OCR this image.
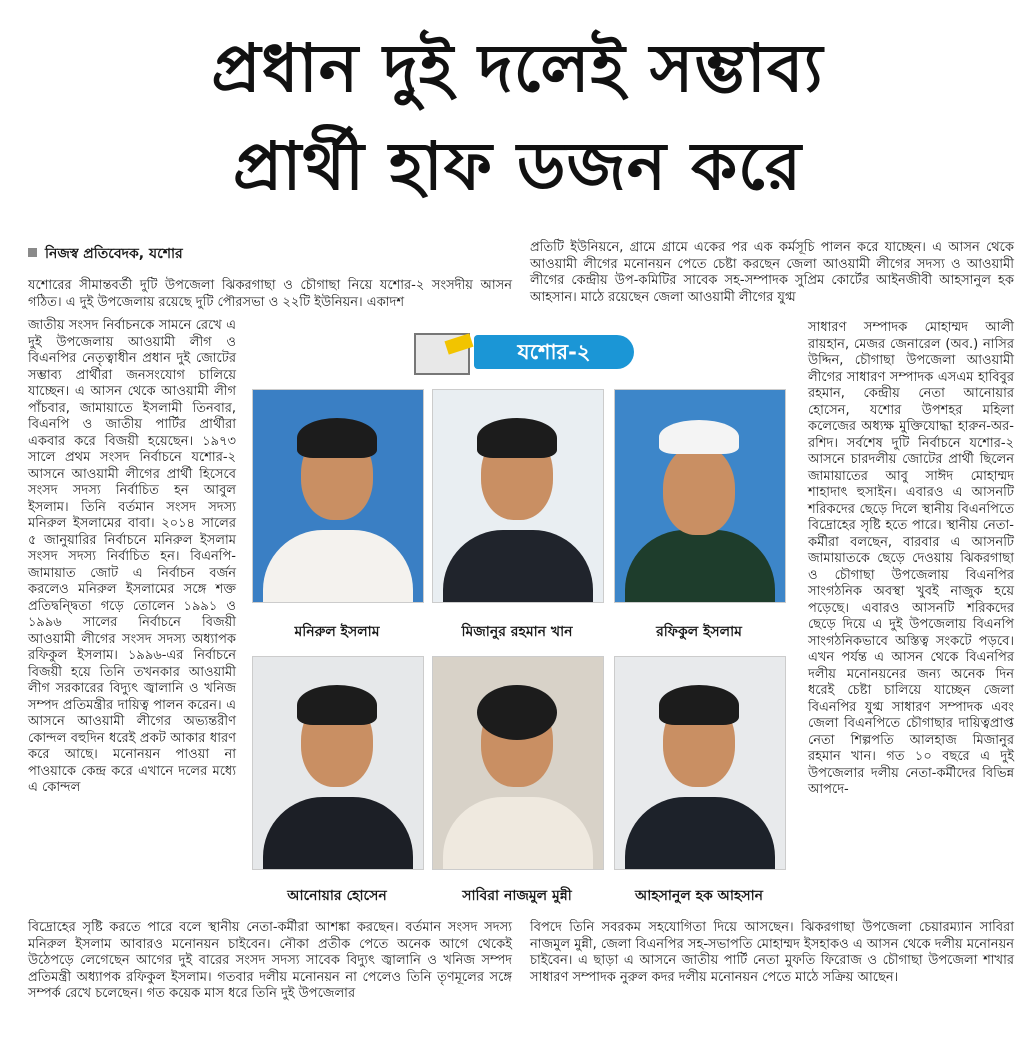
প্রধান দুই দলেই সম্ভাব্য
প্রার্থী হাফ ডজন করে
নিজস্ব প্রতিবেদক, যশোর	প্রতিটি ইউনিয়নে, গ্রামে গ্রামে একের পর এক কর্মসূচি পালন করে যাচ্ছেন। এ আসন থেকে আওয়ামী লীগের মনোনয়ন পেতে চেষ্টা করছেন জেলা আওয়ামী লীগের সদস্য ও আওয়ামী লীগের কেন্দ্রীয় উপ-কমিটির সাবেক সহ-সম্পাদক সুপ্রিম কোর্টের আইনজীবী আহসানুল হক আহসান। মাঠে রয়েছেন জেলা আওয়ামী লীগের যুগ্ম
যশোরের সীমান্তবর্তী দুটি উপজেলা ঝিকরগাছা ও চৌগাছা নিয়ে যশোর-২ সংসদীয় আসন গঠিত। এ দুই উপজেলায় রয়েছে দুটি পৌরসভা ও ২২টি ইউনিয়ন। একাদশ
যশোর-২
জাতীয় সংসদ নির্বাচনকে সামনে রেখে এ দুই উপজেলায় আওয়ামী লীগ ও বিএনপির নেতৃত্বাধীন প্রধান দুই জোটের সম্ভাব্য প্রার্থীরা জনসংযোগ চালিয়ে যাচ্ছেন। এ আসন থেকে আওয়ামী লীগ পাঁচবার, জামায়াতে ইসলামী তিনবার, বিএনপি ও জাতীয় পার্টির প্রার্থীরা একবার করে বিজয়ী হয়েছেন। ১৯৭৩ সালে প্রথম সংসদ নির্বাচনে যশোর-২ আসনে আওয়ামী লীগের প্রার্থী হিসেবে সংসদ সদস্য নির্বাচিত হন আবুল ইসলাম। তিনি বর্তমান সংসদ সদস্য মনিরুল ইসলামের বাবা। ২০১৪ সালের ৫ জানুয়ারির নির্বাচনে মনিরুল ইসলাম সংসদ সদস্য নির্বাচিত হন। বিএনপি-জামায়াত জোট এ নির্বাচন বর্জন করলেও মনিরুল ইসলামের সঙ্গে শক্ত প্রতিদ্বন্দ্বিতা গড়ে তোলেন ১৯৯১ ও ১৯৯৬ সালের নির্বাচনে বিজয়ী আওয়ামী লীগের সংসদ সদস্য অধ্যাপক রফিকুল ইসলাম। ১৯৯৬-এর নির্বাচনে বিজয়ী হয়ে তিনি তখনকার আওয়ামী লীগ সরকারের বিদ্যুৎ জ্বালানি ও খনিজ সম্পদ প্রতিমন্ত্রীর দায়িত্ব পালন করেন। এ আসনে আওয়ামী লীগের অভ্যন্তরীণ কোন্দল বহুদিন ধরেই প্রকট আকার ধারণ করে আছে। মনোনয়ন পাওয়া না পাওয়াকে কেন্দ্র করে এখানে দলের মধ্যে এ কোন্দল
সাধারণ সম্পাদক মোহাম্মদ আলী রায়হান, মেজর জেনারেল (অব.) নাসির উদ্দিন, চৌগাছা উপজেলা আওয়ামী লীগের সাধারণ সম্পাদক এসএম হাবিবুর রহমান, কেন্দ্রীয় নেতা আনোয়ার হোসেন, যশোর উপশহর মহিলা কলেজের অধ্যক্ষ মুক্তিযোদ্ধা হারুন-অর-রশিদ। সর্বশেষ দুটি নির্বাচনে যশোর-২ আসনে চারদলীয় জোটের প্রার্থী ছিলেন জামায়াতের আবু সাঈদ মোহাম্মদ শাহাদাৎ হুসাইন। এবারও এ আসনটি শরিকদের ছেড়ে দিলে স্থানীয় বিএনপিতে বিদ্রোহের সৃষ্টি হতে পারে। স্থানীয় নেতা-কর্মীরা বলছেন, বারবার এ আসনটি জামায়াতকে ছেড়ে দেওয়ায় ঝিকরগাছা ও চৌগাছা উপজেলায় বিএনপির সাংগঠনিক অবস্থা খুবই নাজুক হয়ে পড়েছে। এবারও আসনটি শরিকদের ছেড়ে দিয়ে এ দুই উপজেলায় বিএনপি সাংগঠনিকভাবে অস্তিত্ব সংকটে পড়বে। এখন পর্যন্ত এ আসন থেকে বিএনপির দলীয় মনোনয়নের জন্য অনেক দিন ধরেই চেষ্টা চালিয়ে যাচ্ছেন জেলা বিএনপির যুগ্ম সাধারণ সম্পাদক এবং জেলা বিএনপিতে চৌগাছার দায়িত্বপ্রাপ্ত নেতা শিল্পপতি আলহাজ মিজানুর রহমান খান। গত ১০ বছরে এ দুই উপজেলার দলীয় নেতা-কর্মীদের বিভিন্ন আপদে-
মনিরুল ইসলাম	মিজানুর রহমান খান	রফিকুল ইসলাম
আনোয়ার হোসেন	সাবিরা নাজমুল মুন্নী	আহসানুল হক আহসান
বিদ্রোহের সৃষ্টি করতে পারে বলে স্থানীয় নেতা-কর্মীরা আশঙ্কা করছেন। বর্তমান সংসদ সদস্য মনিরুল ইসলাম আবারও মনোনয়ন চাইবেন। নৌকা প্রতীক পেতে অনেক আগে থেকেই উঠেপড়ে লেগেছেন আগের দুই বারের সংসদ সদস্য সাবেক বিদ্যুৎ জ্বালানি ও খনিজ সম্পদ প্রতিমন্ত্রী অধ্যাপক রফিকুল ইসলাম। গতবার দলীয় মনোনয়ন না পেলেও তিনি তৃণমূলের সঙ্গে সম্পর্ক রেখে চলেছেন। গত কয়েক মাস ধরে তিনি দুই উপজেলার
বিপদে তিনি সবরকম সহযোগিতা দিয়ে আসছেন। ঝিকরগাছা উপজেলা চেয়ারম্যান সাবিরা নাজমুল মুন্নী, জেলা বিএনপির সহ-সভাপতি মোহাম্মদ ইসহাকও এ আসন থেকে দলীয় মনোনয়ন চাইবেন। এ ছাড়া এ আসনে জাতীয় পার্টি নেতা মুফতি ফিরোজ ও চৌগাছা উপজেলা শাখার সাধারণ সম্পাদক নুরুল কদর দলীয় মনোনয়ন পেতে মাঠে সক্রিয় আছেন।
